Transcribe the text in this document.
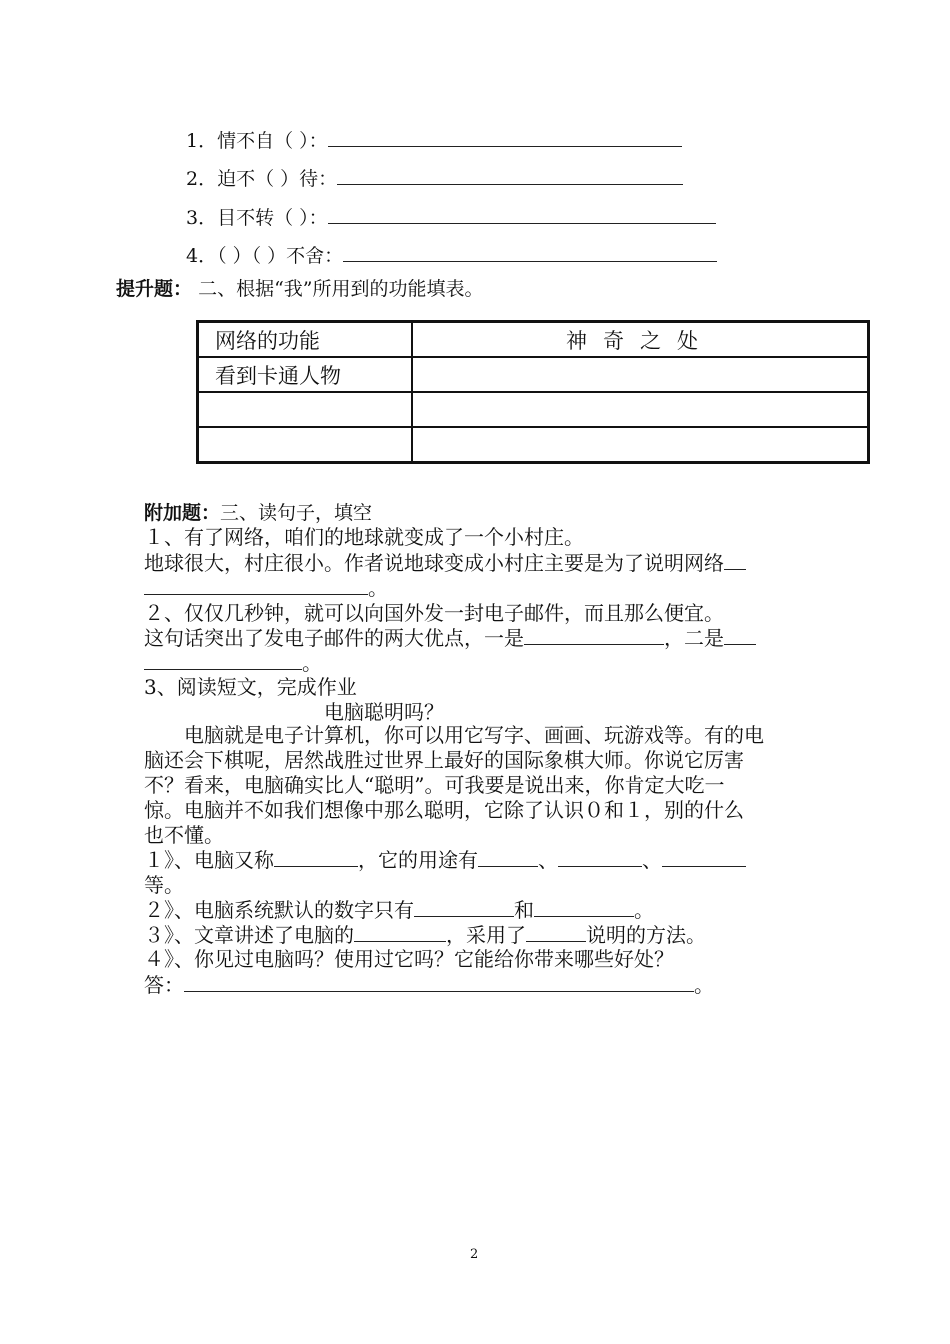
1．情不自（ ）：
2．迫不（ ）待：
3．目不转（ ）：
4．（ ）（ ）不舍：
提升题： 二、根据“我”所用到的功能填表。
网络的功能	神奇之处
看到卡通人物	

附加题：三、读句子，填空
１、有了网络，咱们的地球就变成了一个小村庄。
地球很大，村庄很小。作者说地球变成小村庄主要是为了说明网络
。
２、仅仅几秒钟，就可以向国外发一封电子邮件，而且那么便宜。
这句话突出了发电子邮件的两大优点，一是	，二是
。
3、阅读短文，完成作业
电脑聪明吗？
电脑就是电子计算机，你可以用它写字、画画、玩游戏等。有的电
脑还会下棋呢，居然战胜过世界上最好的国际象棋大师。你说它厉害
不？看来，电脑确实比人“聪明”。可我要是说出来，你肯定大吃一
惊。电脑并不如我们想像中那么聪明，它除了认识０和１，别的什么
也不懂。
１》、电脑又称	，它的用途有	、	、
等。
２》、电脑系统默认的数字只有	和	。
３》、文章讲述了电脑的	，采用了	说明的方法。
４》、你见过电脑吗？使用过它吗？它能给你带来哪些好处？
答：	。
2
